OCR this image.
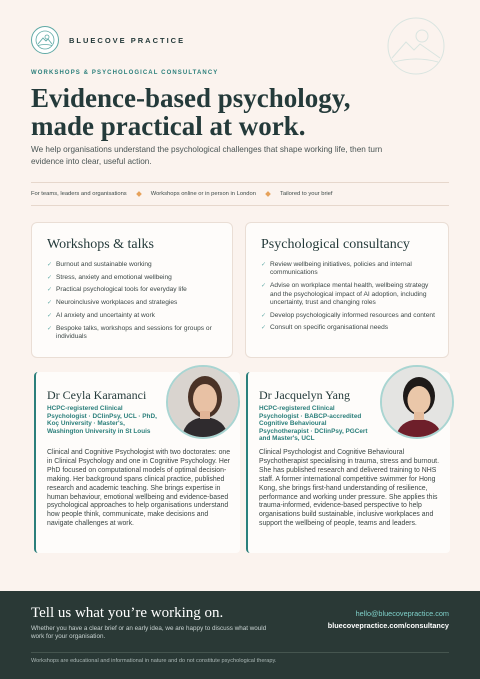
BLUECOVE PRACTICE
WORKSHOPS & PSYCHOLOGICAL CONSULTANCY
Evidence-based psychology,
made practical at work.

We help organisations understand the psychological challenges that shape working life, then turn evidence into clear, useful action.

For teams, leaders and organisations	Workshops online or in person in London	Tailored to your brief
Workshops & talks
✓ Burnout and sustainable working
✓ Stress, anxiety and emotional wellbeing
✓ Practical psychological tools for everyday life
✓ Neuroinclusive workplaces and strategies
✓ AI anxiety and uncertainty at work
✓ Bespoke talks, workshops and sessions for groups or individuals
Psychological consultancy
✓ Review wellbeing initiatives, policies and internal communications
✓ Advise on workplace mental health, wellbeing strategy and the psychological impact of AI adoption, including uncertainty, trust and changing roles
✓ Develop psychologically informed resources and content
✓ Consult on specific organisational needs
Dr Ceyla Karamanci
HCPC-registered Clinical
Psychologist · DClinPsy, UCL · PhD,
Koç University · Master's,
Washington University in St Louis

Clinical and Cognitive Psychologist with two doctorates: one in Clinical Psychology and one in Cognitive Psychology. Her PhD focused on computational models of optimal decision-making. Her background spans clinical practice, published research and academic teaching. She brings expertise in human behaviour, emotional wellbeing and evidence-based psychological approaches to help organisations understand how people think, communicate, make decisions and navigate challenges at work.

Dr Jacquelyn Yang
HCPC-registered Clinical
Psychologist · BABCP-accredited
Cognitive Behavioural
Psychotherapist · DClinPsy, PGCert
and Master's, UCL

Clinical Psychologist and Cognitive Behavioural Psychotherapist specialising in trauma, stress and burnout. She has published research and delivered training to NHS staff. A former international competitive swimmer for Hong Kong, she brings first-hand understanding of resilience, performance and working under pressure. She applies this trauma-informed, evidence-based perspective to help organisations build sustainable, inclusive workplaces and support the wellbeing of people, teams and leaders.

Tell us what you’re working on.

Whether you have a clear brief or an early idea, we are happy to discuss what would work for your organisation.

hello@bluecovepractice.com
bluecovepractice.com/consultancy
Workshops are educational and informational in nature and do not constitute psychological therapy.
